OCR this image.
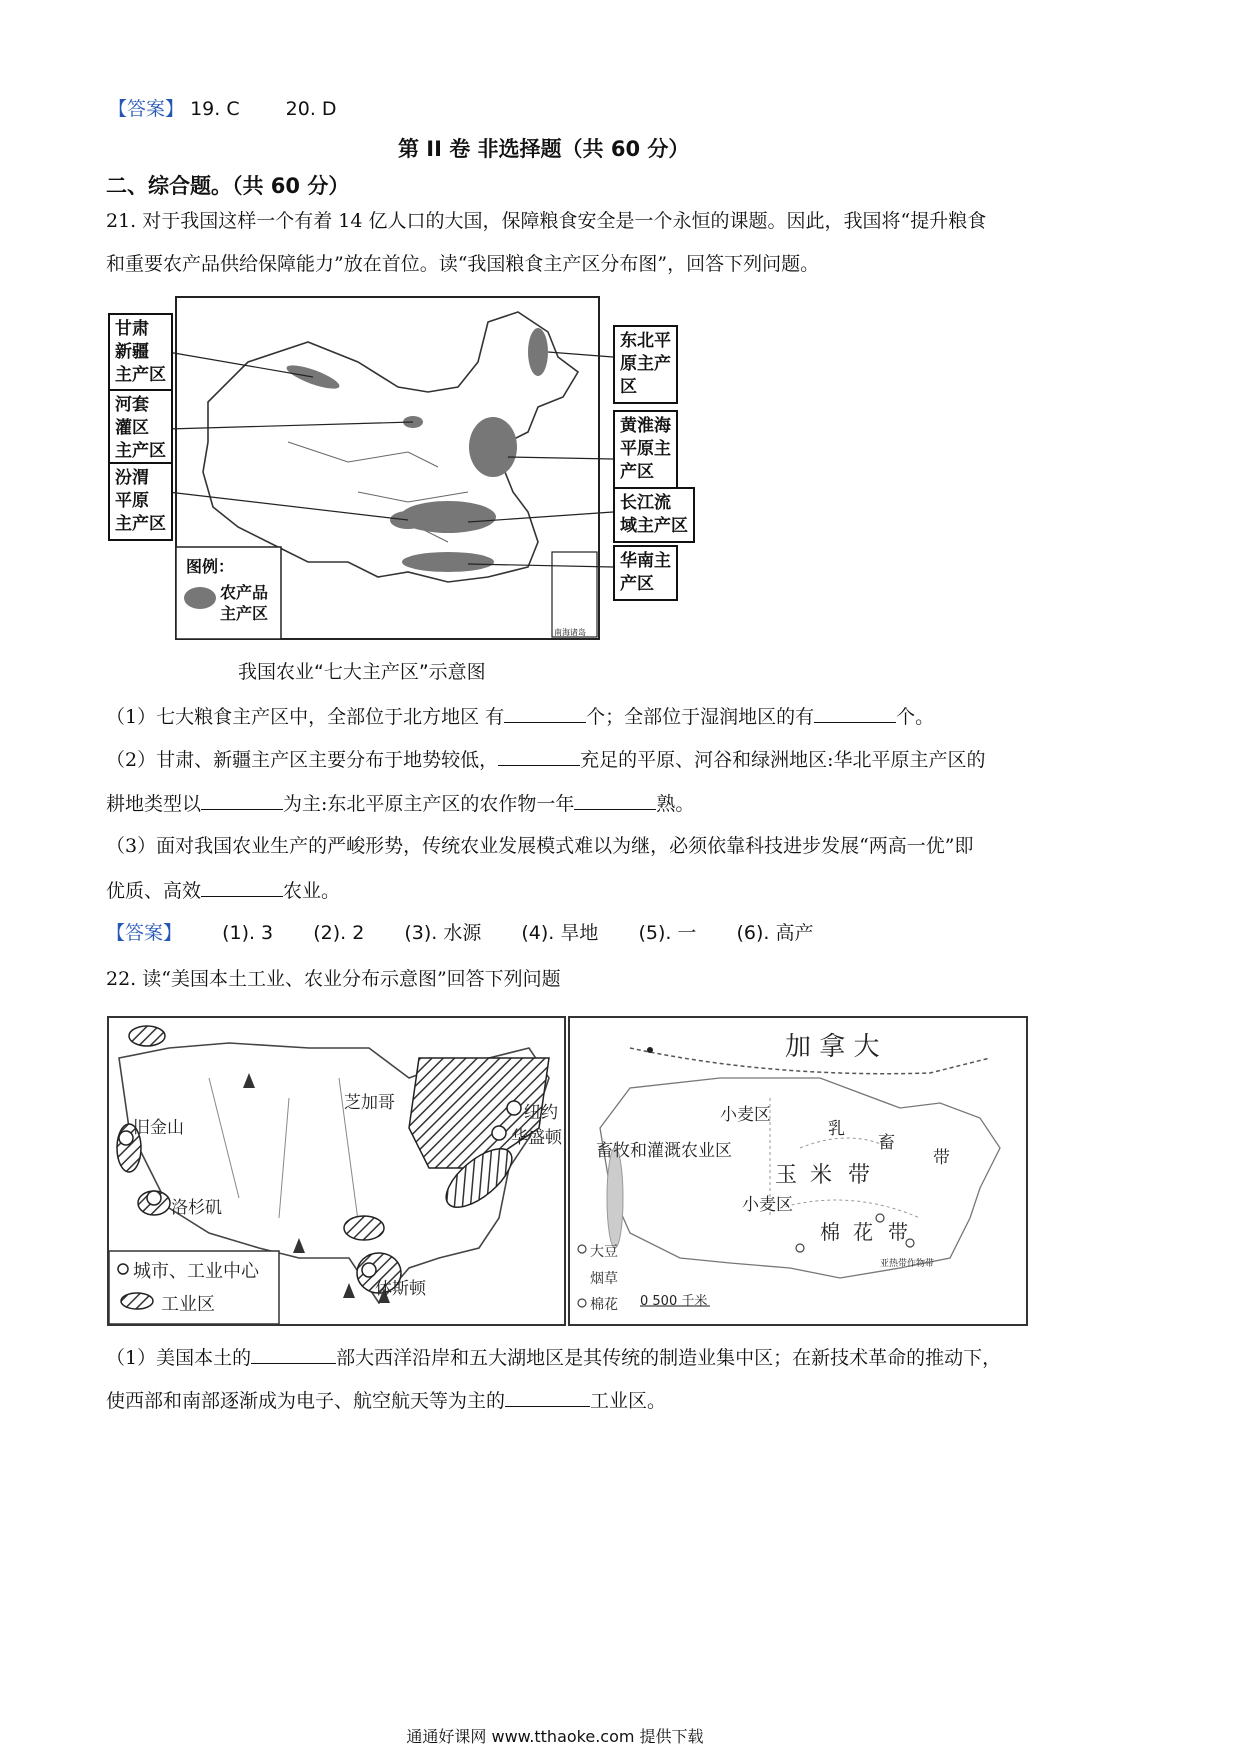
【答案】 19. C 20. D
第 II 卷 非选择题（共 60 分）
二、综合题。（共 60 分）
21. 对于我国这样一个有着 14 亿人口的大国，保障粮食安全是一个永恒的课题。因此，我国将“提升粮食
和重要农产品供给保障能力”放在首位。读“我国粮食主产区分布图”，回答下列问题。
甘肃
新疆
主产区
河套
灌区
主产区
汾渭
平原
主产区
东北平
原主产
区
黄淮海
平原主
产区
长江流
域主产区
华南主
产区
图例：
农产品
主产区
南海诸岛
我国农业“七大主产区”示意图
（1）七大粮食主产区中，全部位于北方地区 有	个；全部位于湿润地区的有	个。
（2）甘肃、新疆主产区主要分布于地势较低，	充足的平原、河谷和绿洲地区:华北平原主产区的
耕地类型以	为主:东北平原主产区的农作物一年	熟。
（3）面对我国农业生产的严峻形势，传统农业发展模式难以为继，必须依靠科技进步发展“两高一优”即
优质、高效	农业。
【答案】 (1). 3 (2). 2 (3). 水源 (4). 旱地 (5). 一 (6). 高产
22. 读“美国本土工业、农业分布示意图”回答下列问题
旧金山
洛杉矶
芝加哥	纽约
华盛顿
休斯顿
城市、工业中心
工业区
加 拿 大
小麦区
畜牧和灌溉农业区
乳
畜
带
玉 米 带
小麦区
棉 花 带
亚热带作物带
大豆
烟草
棉花 0 500 千米
（1）美国本土的	部大西洋沿岸和五大湖地区是其传统的制造业集中区；在新技术革命的推动下，
使西部和南部逐渐成为电子、航空航天等为主的	工业区。
通通好课网 www.tthaoke.com 提供下载
